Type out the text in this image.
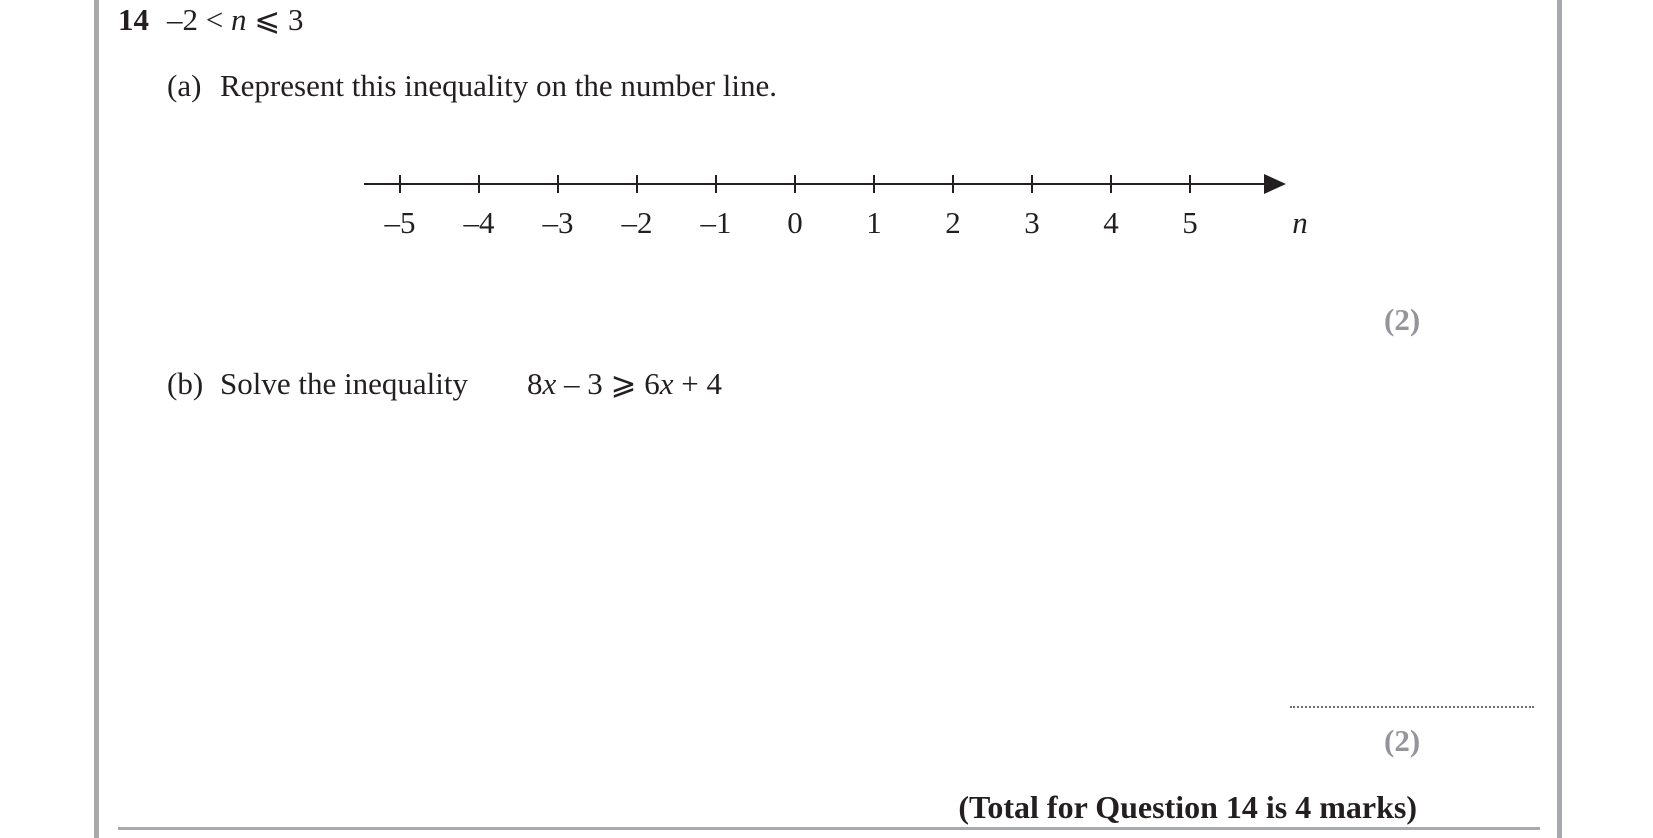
14 –2 < n ⩽ 3
(a) Represent this inequality on the number line.
–5 –4 –3 –2 –1 0 1 2 3 4 5	n
(2)
(b) Solve the inequality 8x – 3 ⩾ 6x + 4
(2)
(Total for Question 14 is 4 marks)
